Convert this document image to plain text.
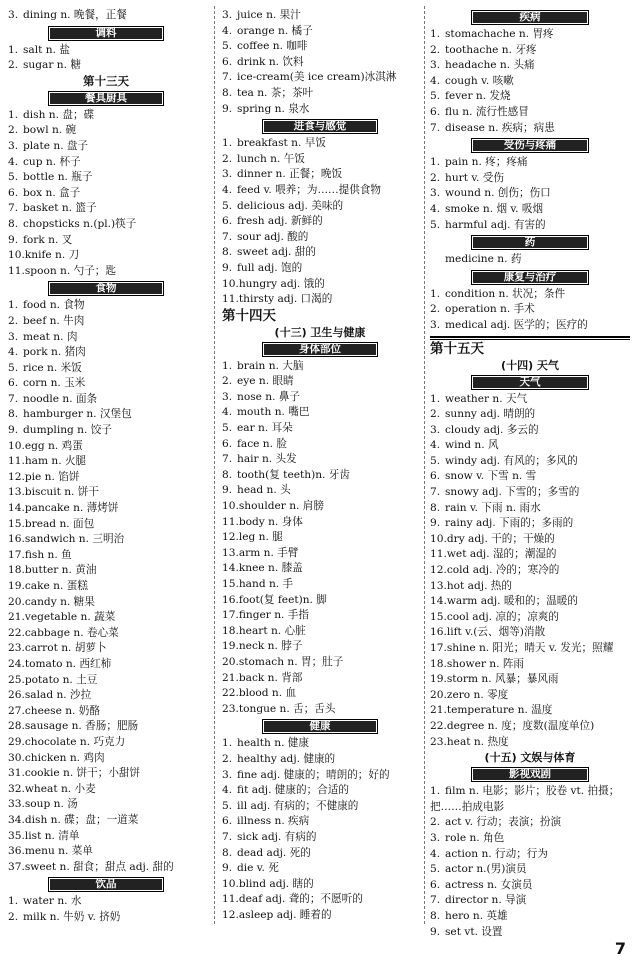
3. dining n. 晚餐，正餐
调料
1. salt n. 盐
2. sugar n. 糖
第十三天
餐具厨具
1. dish n. 盘；碟
2. bowl n. 碗
3. plate n. 盘子
4. cup n. 杯子
5. bottle n. 瓶子
6. box n. 盒子
7. basket n. 篮子
8. chopsticks n.(pl.)筷子
9. fork n. 叉
10.knife n. 刀
11.spoon n. 勺子；匙
食物
1. food n. 食物
2. beef n. 牛肉
3. meat n. 肉
4. pork n. 猪肉
5. rice n. 米饭
6. corn n. 玉米
7. noodle n. 面条
8. hamburger n. 汉堡包
9. dumpling n. 饺子
10.egg n. 鸡蛋
11.ham n. 火腿
12.pie n. 馅饼
13.biscuit n. 饼干
14.pancake n. 薄烤饼
15.bread n. 面包
16.sandwich n. 三明治
17.fish n. 鱼
18.butter n. 黄油
19.cake n. 蛋糕
20.candy n. 糖果
21.vegetable n. 蔬菜
22.cabbage n. 卷心菜
23.carrot n. 胡萝卜
24.tomato n. 西红柿
25.potato n. 土豆
26.salad n. 沙拉
27.cheese n. 奶酪
28.sausage n. 香肠；肥肠
29.chocolate n. 巧克力
30.chicken n. 鸡肉
31.cookie n. 饼干；小甜饼
32.wheat n. 小麦
33.soup n. 汤
34.dish n. 碟；盘；一道菜
35.list n. 清单
36.menu n. 菜单
37.sweet n. 甜食；甜点 adj. 甜的
饮品
1. water n. 水
2. milk n. 牛奶 v. 挤奶
3. juice n. 果汁
4. orange n. 橘子
5. coffee n. 咖啡
6. drink n. 饮料
7. ice-cream(美 ice cream)冰淇淋
8. tea n. 茶；茶叶
9. spring n. 泉水
进食与感觉
1. breakfast n. 早饭
2. lunch n. 午饭
3. dinner n. 正餐；晚饭
4. feed v. 喂养；为……提供食物
5. delicious adj. 美味的
6. fresh adj. 新鲜的
7. sour adj. 酸的
8. sweet adj. 甜的
9. full adj. 饱的
10.hungry adj. 饿的
11.thirsty adj. 口渴的
第十四天
(十三) 卫生与健康
身体部位
1. brain n. 大脑
2. eye n. 眼睛
3. nose n. 鼻子
4. mouth n. 嘴巴
5. ear n. 耳朵
6. face n. 脸
7. hair n. 头发
8. tooth(复 teeth)n. 牙齿
9. head n. 头
10.shoulder n. 肩膀
11.body n. 身体
12.leg n. 腿
13.arm n. 手臂
14.knee n. 膝盖
15.hand n. 手
16.foot(复 feet)n. 脚
17.finger n. 手指
18.heart n. 心脏
19.neck n. 脖子
20.stomach n. 胃；肚子
21.back n. 背部
22.blood n. 血
23.tongue n. 舌；舌头
健康
1. health n. 健康
2. healthy adj. 健康的
3. fine adj. 健康的；晴朗的；好的
4. fit adj. 健康的；合适的
5. ill adj. 有病的；不健康的
6. illness n. 疾病
7. sick adj. 有病的
8. dead adj. 死的
9. die v. 死
10.blind adj. 瞎的
11.deaf adj. 聋的；不愿听的
12.asleep adj. 睡着的
疾病
1. stomachache n. 胃疼
2. toothache n. 牙疼
3. headache n. 头痛
4. cough v. 咳嗽
5. fever n. 发烧
6. flu n. 流行性感冒
7. disease n. 疾病；病患
受伤与疼痛
1. pain n. 疼；疼痛
2. hurt v. 受伤
3. wound n. 创伤；伤口
4. smoke n. 烟 v. 吸烟
5. harmful adj. 有害的
药
medicine n. 药
康复与治疗
1. condition n. 状况；条件
2. operation n. 手术
3. medical adj. 医学的；医疗的
第十五天
(十四) 天气
天气
1. weather n. 天气
2. sunny adj. 晴朗的
3. cloudy adj. 多云的
4. wind n. 风
5. windy adj. 有风的；多风的
6. snow v. 下雪 n. 雪
7. snowy adj. 下雪的；多雪的
8. rain v. 下雨 n. 雨水
9. rainy adj. 下雨的；多雨的
10.dry adj. 干的；干燥的
11.wet adj. 湿的；潮湿的
12.cold adj. 冷的；寒冷的
13.hot adj. 热的
14.warm adj. 暖和的；温暖的
15.cool adj. 凉的；凉爽的
16.lift v.(云、烟等)消散
17.shine n. 阳光；晴天 v. 发光；照耀
18.shower n. 阵雨
19.storm n. 风暴；暴风雨
20.zero n. 零度
21.temperature n. 温度
22.degree n. 度；度数(温度单位)
23.heat n. 热度
(十五) 文娱与体育
影视戏剧
1. film n. 电影；影片；胶卷 vt. 拍摄；把……拍成电影
2. act v. 行动；表演；扮演
3. role n. 角色
4. action n. 行动；行为
5. actor n.(男)演员
6. actress n. 女演员
7. director n. 导演
8. hero n. 英雄
9. set vt. 设置
7
